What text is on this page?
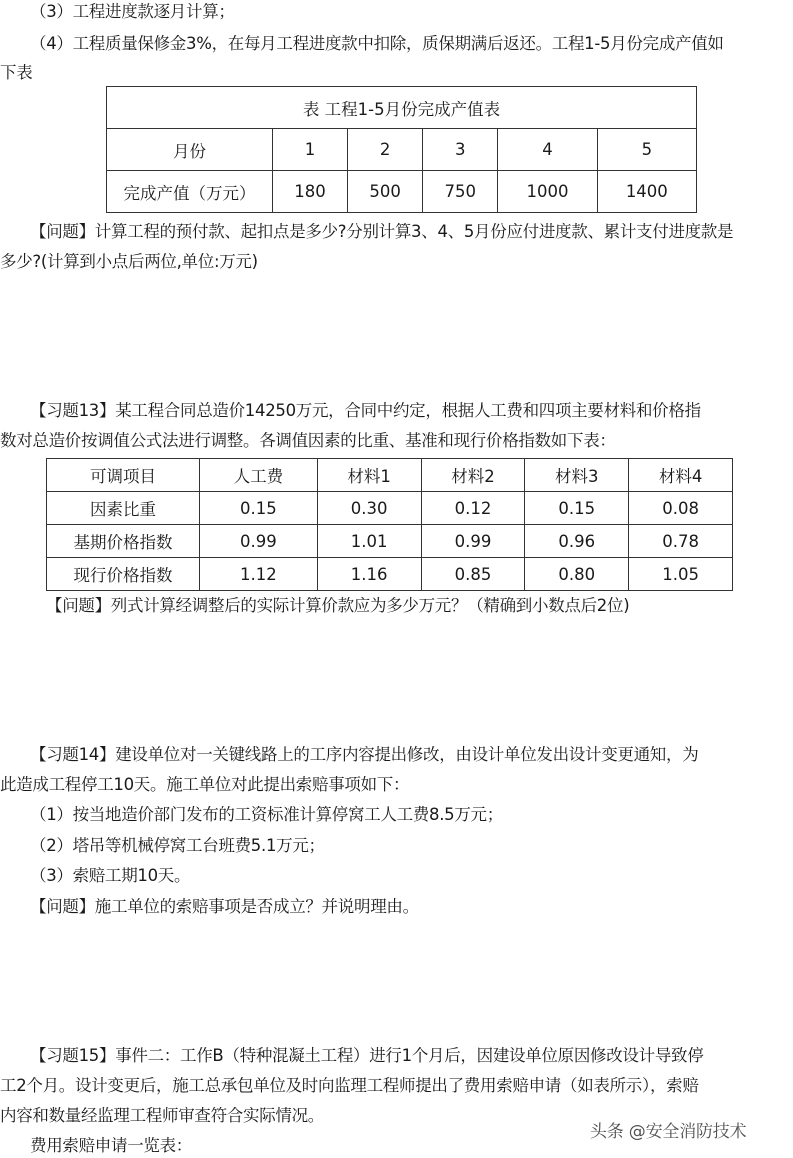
（3）工程进度款逐月计算；
（4）工程质量保修金3%，在每月工程进度款中扣除，质保期满后返还。工程1-5月份完成产值如
下表
表 工程1-5月份完成产值表					
月份	1	2	3	4	5
完成产值（万元）	180	500	750	1000	1400
【问题】计算工程的预付款、起扣点是多少?分别计算3、4、5月份应付进度款、累计支付进度款是
多少?(计算到小点后两位,单位:万元)
【习题13】某工程合同总造价14250万元，合同中约定，根据人工费和四项主要材料和价格指
数对总造价按调值公式法进行调整。各调值因素的比重、基准和现行价格指数如下表：
可调项目	人工费	材料1	材料2	材料3	材料4
因素比重	0.15	0.30	0.12	0.15	0.08
基期价格指数	0.99	1.01	0.99	0.96	0.78
现行价格指数	1.12	1.16	0.85	0.80	1.05
【问题】列式计算经调整后的实际计算价款应为多少万元？（精确到小数点后2位)
【习题14】建设单位对一关键线路上的工序内容提出修改，由设计单位发出设计变更通知，为
此造成工程停工10天。施工单位对此提出索赔事项如下：
（1）按当地造价部门发布的工资标准计算停窝工人工费8.5万元；
（2）塔吊等机械停窝工台班费5.1万元；
（3）索赔工期10天。
【问题】施工单位的索赔事项是否成立？并说明理由。
【习题15】事件二：工作B（特种混凝土工程）进行1个月后，因建设单位原因修改设计导致停
工2个月。设计变更后，施工总承包单位及时向监理工程师提出了费用索赔申请（如表所示），索赔
内容和数量经监理工程师审查符合实际情况。
费用索赔申请一览表：
头条 @安全消防技术
